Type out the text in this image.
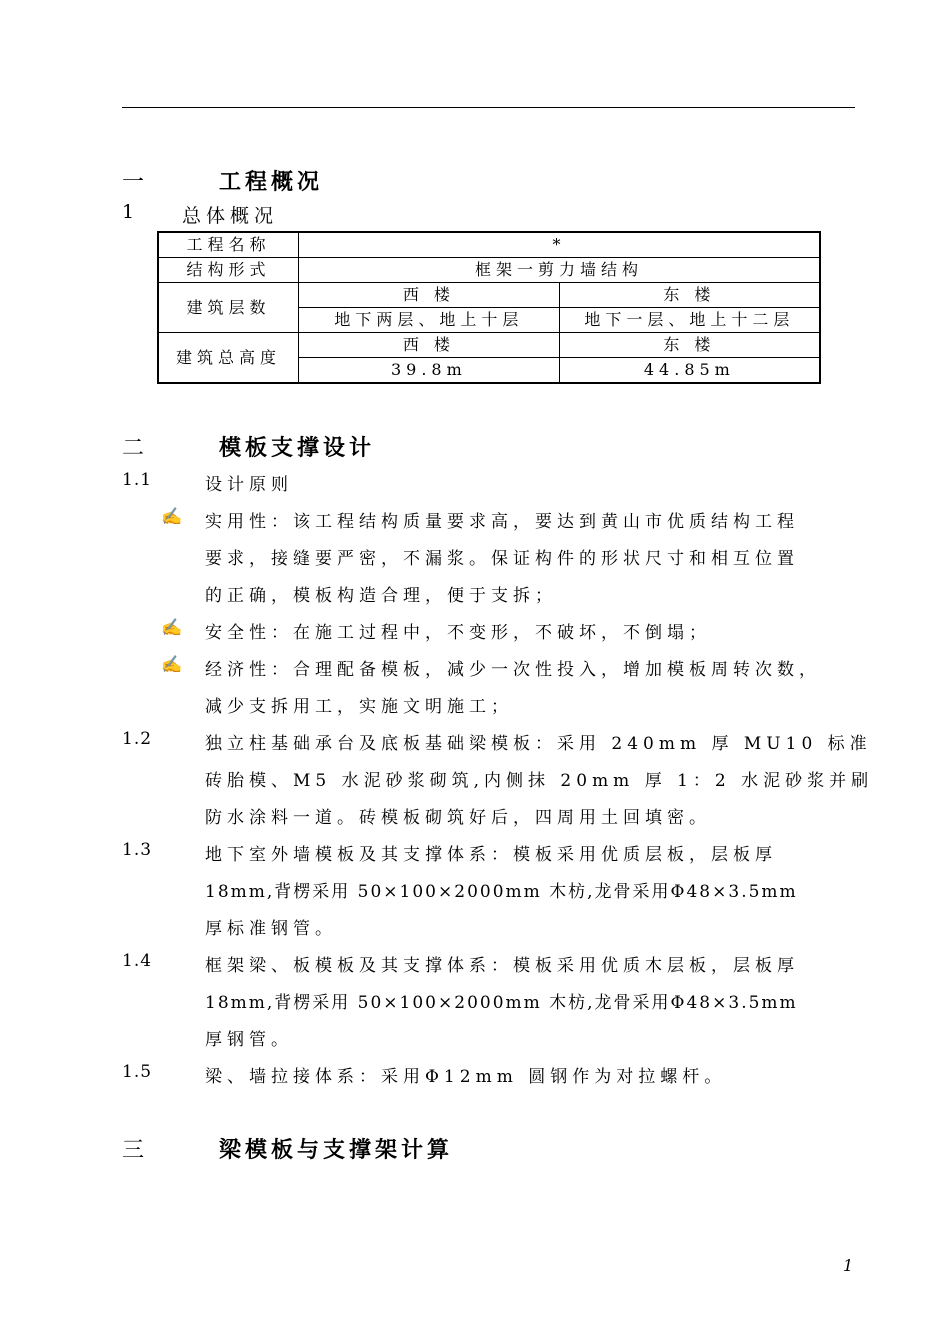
一	工程概况
1 总体概况
工程名称	*	
结构形式	框架一剪力墙结构	
建筑层数	西 楼	东 楼
	地下两层、地上十层	地下一层、地上十二层
建筑总高度	西 楼	东 楼
	39.8m	44.85m
二	模板支撑设计
1.1	设计原则
✍ 实用性：该工程结构质量要求高，要达到黄山市优质结构工程
要求，接缝要严密，不漏浆。保证构件的形状尺寸和相互位置
的正确，模板构造合理，便于支拆；
✍ 安全性：在施工过程中，不变形，不破坏，不倒塌；
✍ 经济性：合理配备模板，减少一次性投入，增加模板周转次数，
减少支拆用工，实施文明施工；
1.2	独立柱基础承台及底板基础梁模板：采用 240mm 厚 MU10 标准
砖胎模、M5 水泥砂浆砌筑,内侧抹 20mm 厚 1：2 水泥砂浆并刷
防水涂料一道。砖模板砌筑好后，四周用土回填密。
1.3	地下室外墙模板及其支撑体系：模板采用优质层板，层板厚
18mm,背楞采用 50×100×2000mm 木枋,龙骨采用Φ48×3.5mm
厚标准钢管。
1.4	框架梁、板模板及其支撑体系：模板采用优质木层板，层板厚
18mm,背楞采用 50×100×2000mm 木枋,龙骨采用Φ48×3.5mm
厚钢管。
1.5	梁、墙拉接体系：采用Φ12mm 圆钢作为对拉螺杆。
三	梁模板与支撑架计算
1
